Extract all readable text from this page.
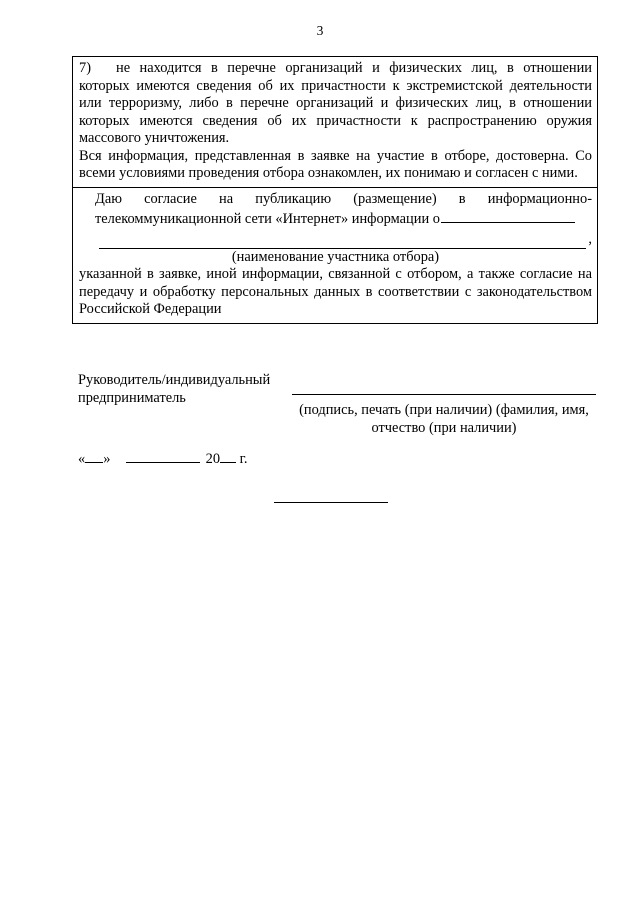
3
7) не находится в перечне организаций и физических лиц, в отношении которых имеются сведения об их причастности к экстремистской деятельности или терроризму, либо в перечне организаций и физических лиц, в отношении которых имеются сведения об их причастности к распространению оружия массового уничтожения.
Вся информация, представленная в заявке на участие в отборе, достоверна. Со всеми условиями проведения отбора ознакомлен, их понимаю и согласен с ними.
Даю согласие на публикацию (размещение) в информационно-телекоммуникационной сети «Интернет» информации о
,
(наименование участника отбора)
указанной в заявке, иной информации, связанной с отбором, а также согласие на передачу и обработку персональных данных в соответствии с законодательством Российской Федерации
Руководитель/индивидуальный предприниматель
(подпись, печать (при наличии) (фамилия, имя, отчество (при наличии)
« »	20 г.
